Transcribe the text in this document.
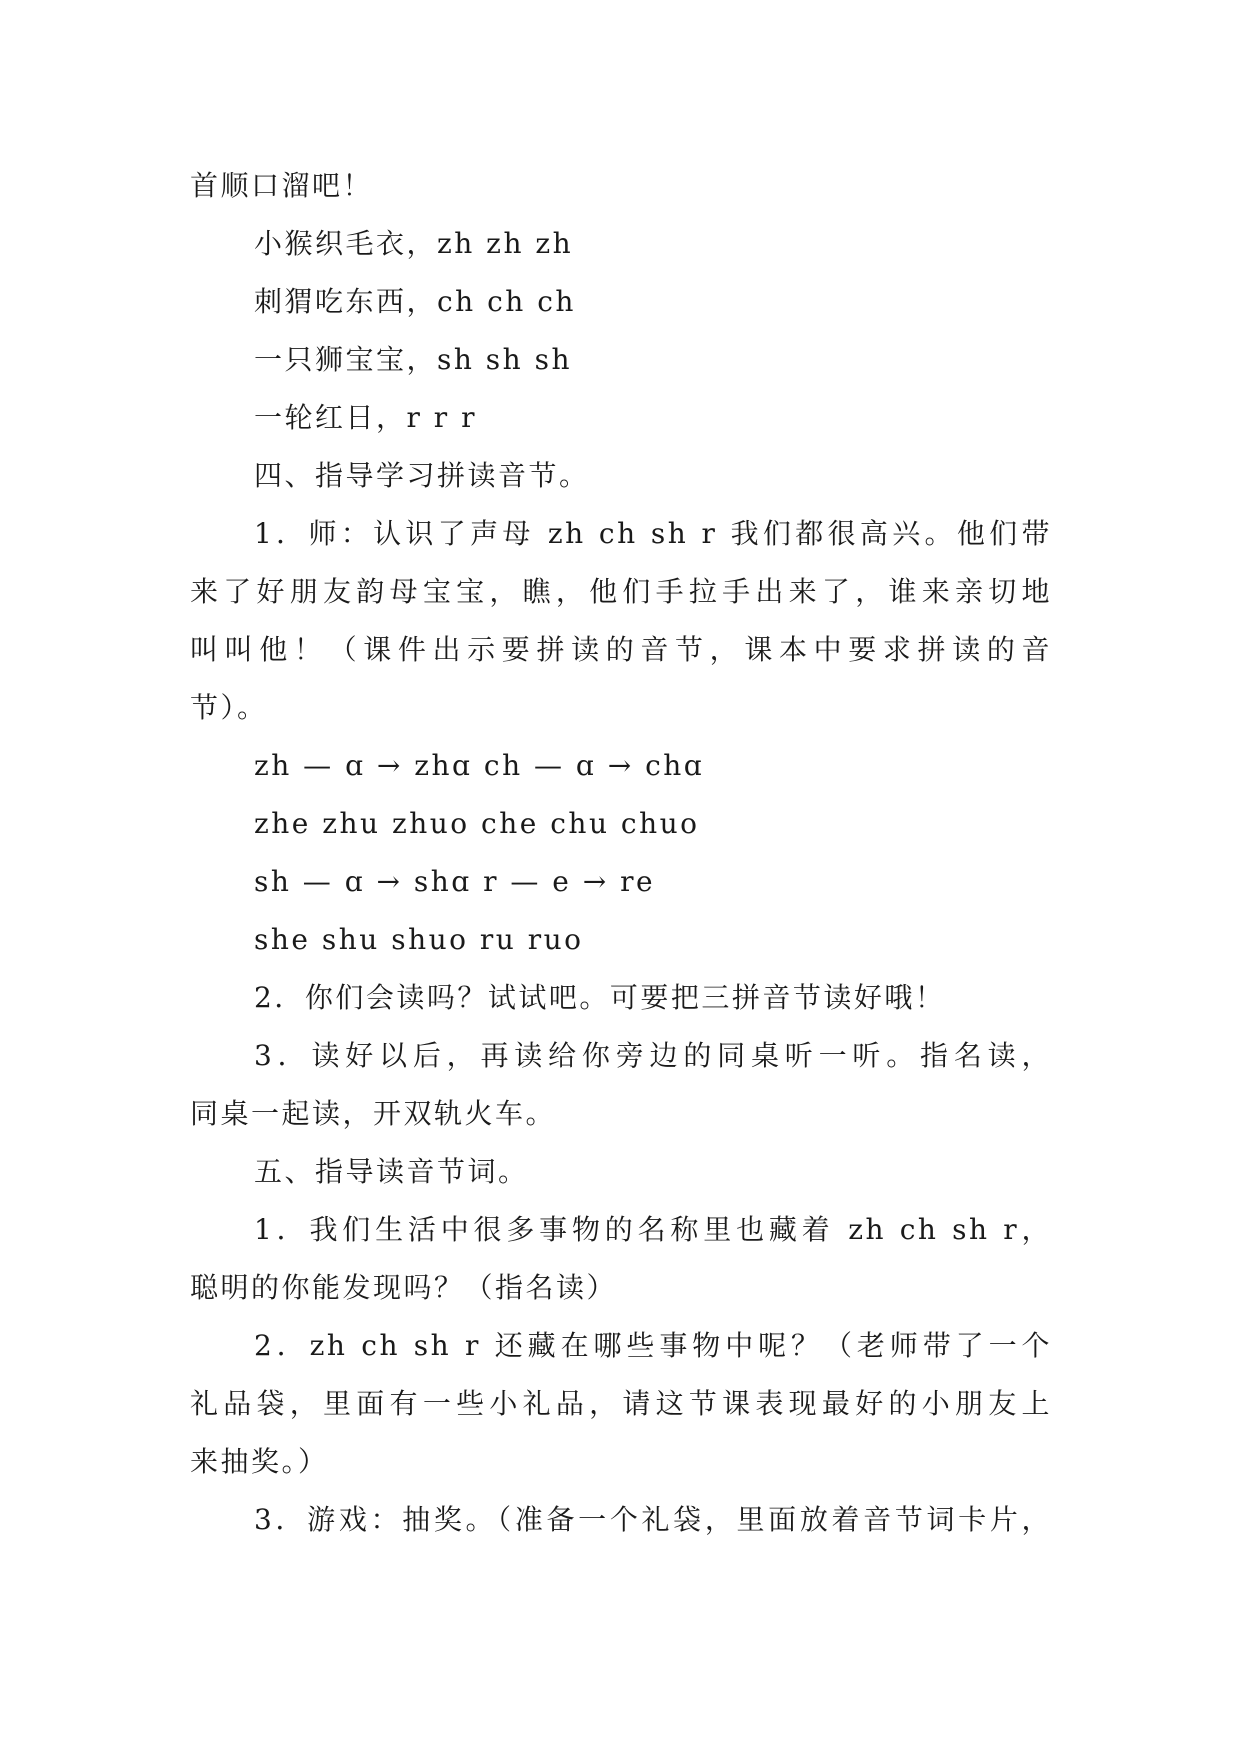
首顺口溜吧！
小猴织毛衣，zh zh zh
刺猬吃东西，ch ch ch
一只狮宝宝，sh sh sh
一轮红日，r r r
四、指导学习拼读音节。
1．师：认识了声母 zh ch sh r 我们都很高兴。他们带
来了好朋友韵母宝宝，瞧，他们手拉手出来了，谁来亲切地
叫叫他！（课件出示要拼读的音节，课本中要求拼读的音
节）。
zh — ɑ → zhɑ ch — ɑ → chɑ
zhe zhu zhuo che chu chuo
sh — ɑ → shɑ r — e → re
she shu shuo ru ruo
2．你们会读吗？试试吧。可要把三拼音节读好哦！
3．读好以后，再读给你旁边的同桌听一听。指名读，
同桌一起读，开双轨火车。
五、指导读音节词。
1．我们生活中很多事物的名称里也藏着 zh ch sh r，
聪明的你能发现吗？（指名读）
2．zh ch sh r 还藏在哪些事物中呢？（老师带了一个
礼品袋，里面有一些小礼品，请这节课表现最好的小朋友上
来抽奖。）
3．游戏：抽奖。（准备一个礼袋，里面放着音节词卡片，
